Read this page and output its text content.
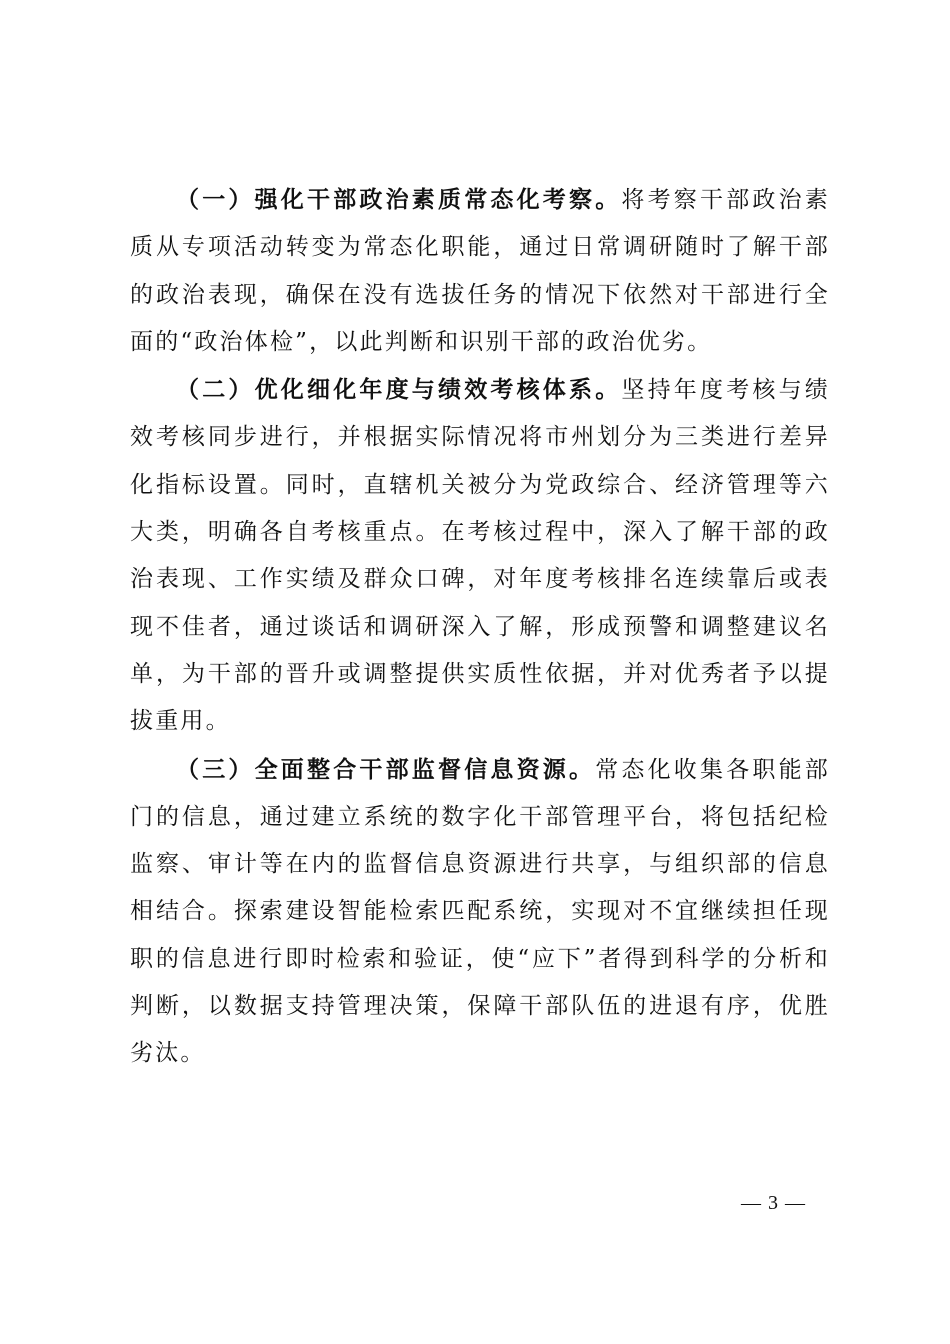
（一）强化干部政治素质常态化考察。将考察干部政治素质从专项活动转变为常态化职能，通过日常调研随时了解干部的政治表现，确保在没有选拔任务的情况下依然对干部进行全面的“政治体检”，以此判断和识别干部的政治优劣。

（二）优化细化年度与绩效考核体系。坚持年度考核与绩效考核同步进行，并根据实际情况将市州划分为三类进行差异化指标设置。同时，直辖机关被分为党政综合、经济管理等六大类，明确各自考核重点。在考核过程中，深入了解干部的政治表现、工作实绩及群众口碑，对年度考核排名连续靠后或表现不佳者，通过谈话和调研深入了解，形成预警和调整建议名单，为干部的晋升或调整提供实质性依据，并对优秀者予以提拔重用。

（三）全面整合干部监督信息资源。常态化收集各职能部门的信息，通过建立系统的数字化干部管理平台，将包括纪检监察、审计等在内的监督信息资源进行共享，与组织部的信息相结合。探索建设智能检索匹配系统，实现对不宜继续担任现职的信息进行即时检索和验证，使“应下”者得到科学的分析和判断，以数据支持管理决策，保障干部队伍的进退有序，优胜劣汰。

— 3 —
